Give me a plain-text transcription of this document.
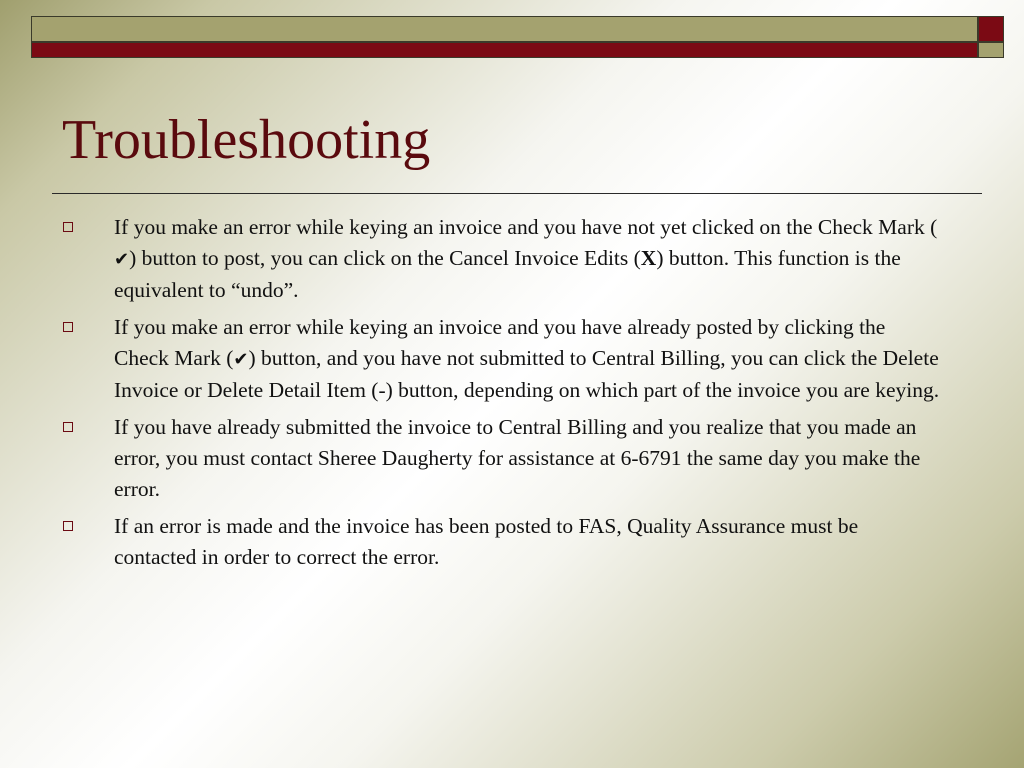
Troubleshooting
If you make an error while keying an invoice and you have not yet clicked on the Check Mark (✔) button to post, you can click on the Cancel Invoice Edits (X) button. This function is the equivalent to “undo”.
If you make an error while keying an invoice and you have already posted by clicking the Check Mark (✔) button, and you have not submitted to Central Billing, you can click the Delete Invoice or Delete Detail Item (-) button, depending on which part of the invoice you are keying.
If you have already submitted the invoice to Central Billing and you realize that you made an error, you must contact Sheree Daugherty for assistance at 6-6791 the same day you make the error.
If an error is made and the invoice has been posted to FAS, Quality Assurance must be contacted in order to correct the error.
